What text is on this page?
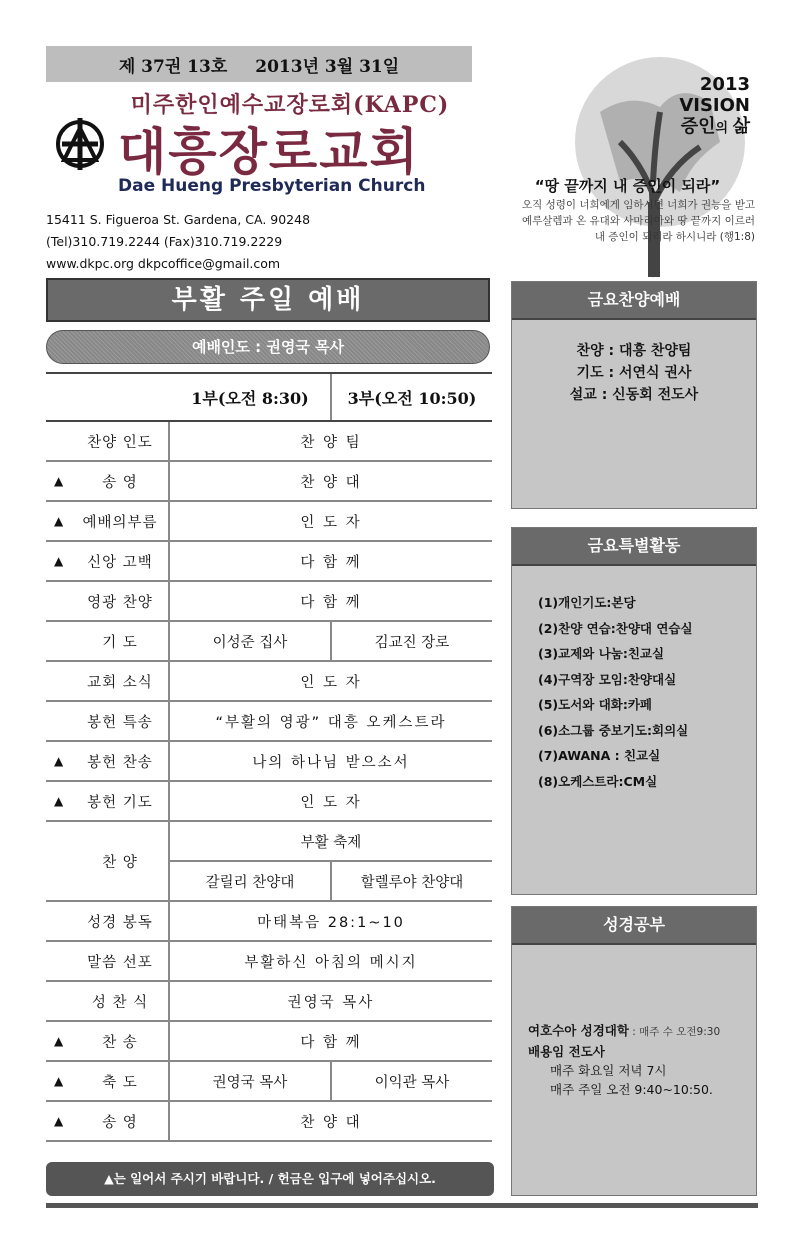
제 37권 13호 2013년 3월 31일
미주한인예수교장로회(KAPC)
대흥장로교회
Dae Hueng Presbyterian Church
15411 S. Figueroa St. Gardena, CA. 90248
(Tel)310.719.2244 (Fax)310.719.2229
www.dkpc.org dkpcoffice@gmail.com
2013
VISION
증인의 삶
“땅 끝까지 내 증인이 되라”
오직 성령이 너희에게 임하시면 너희가 권능을 받고
예루살렘과 온 유대와 사마리아와 땅 끝까지 이르러
내 증인이 되리라 하시니라 (행1:8)
부활 주일 예배
예배인도 : 권영국 목사
1부(오전 8:30)	3부(오전 10:50)
찬양 인도	찬 양 팀
▲	송 영	찬 양 대
▲	예배의부름	인 도 자
▲	신앙 고백	다 함 께
영광 찬양	다 함 께
기 도	이성준 집사	김교진 장로
교회 소식	인 도 자
봉헌 특송	“부활의 영광” 대흥 오케스트라
▲	봉헌 찬송	나의 하나님 받으소서
▲	봉헌 기도	인 도 자
찬 양
부활 축제
갈릴리 찬양대	할렐루야 찬양대
성경 봉독	마태복음 28:1~10
말씀 선포	부활하신 아침의 메시지
성 찬 식	권영국 목사
▲	찬 송	다 함 께
▲	축 도	권영국 목사	이익관 목사
▲	송 영	찬 양 대
▲는 일어서 주시기 바랍니다. / 헌금은 입구에 넣어주십시오.
금요찬양예배
찬양 : 대흥 찬양팀
기도 : 서연식 권사
설교 : 신동회 전도사
금요특별활동
(1)개인기도:본당
(2)찬양 연습:찬양대 연습실
(3)교제와 나눔:친교실
(4)구역장 모임:찬양대실
(5)도서와 대화:카페
(6)소그룹 중보기도:회의실
(7)AWANA : 친교실
(8)오케스트라:CM실
성경공부
여호수아 성경대학 : 매주 수 오전9:30
배용임 전도사
매주 화요일 저녁 7시
매주 주일 오전 9:40~10:50.
